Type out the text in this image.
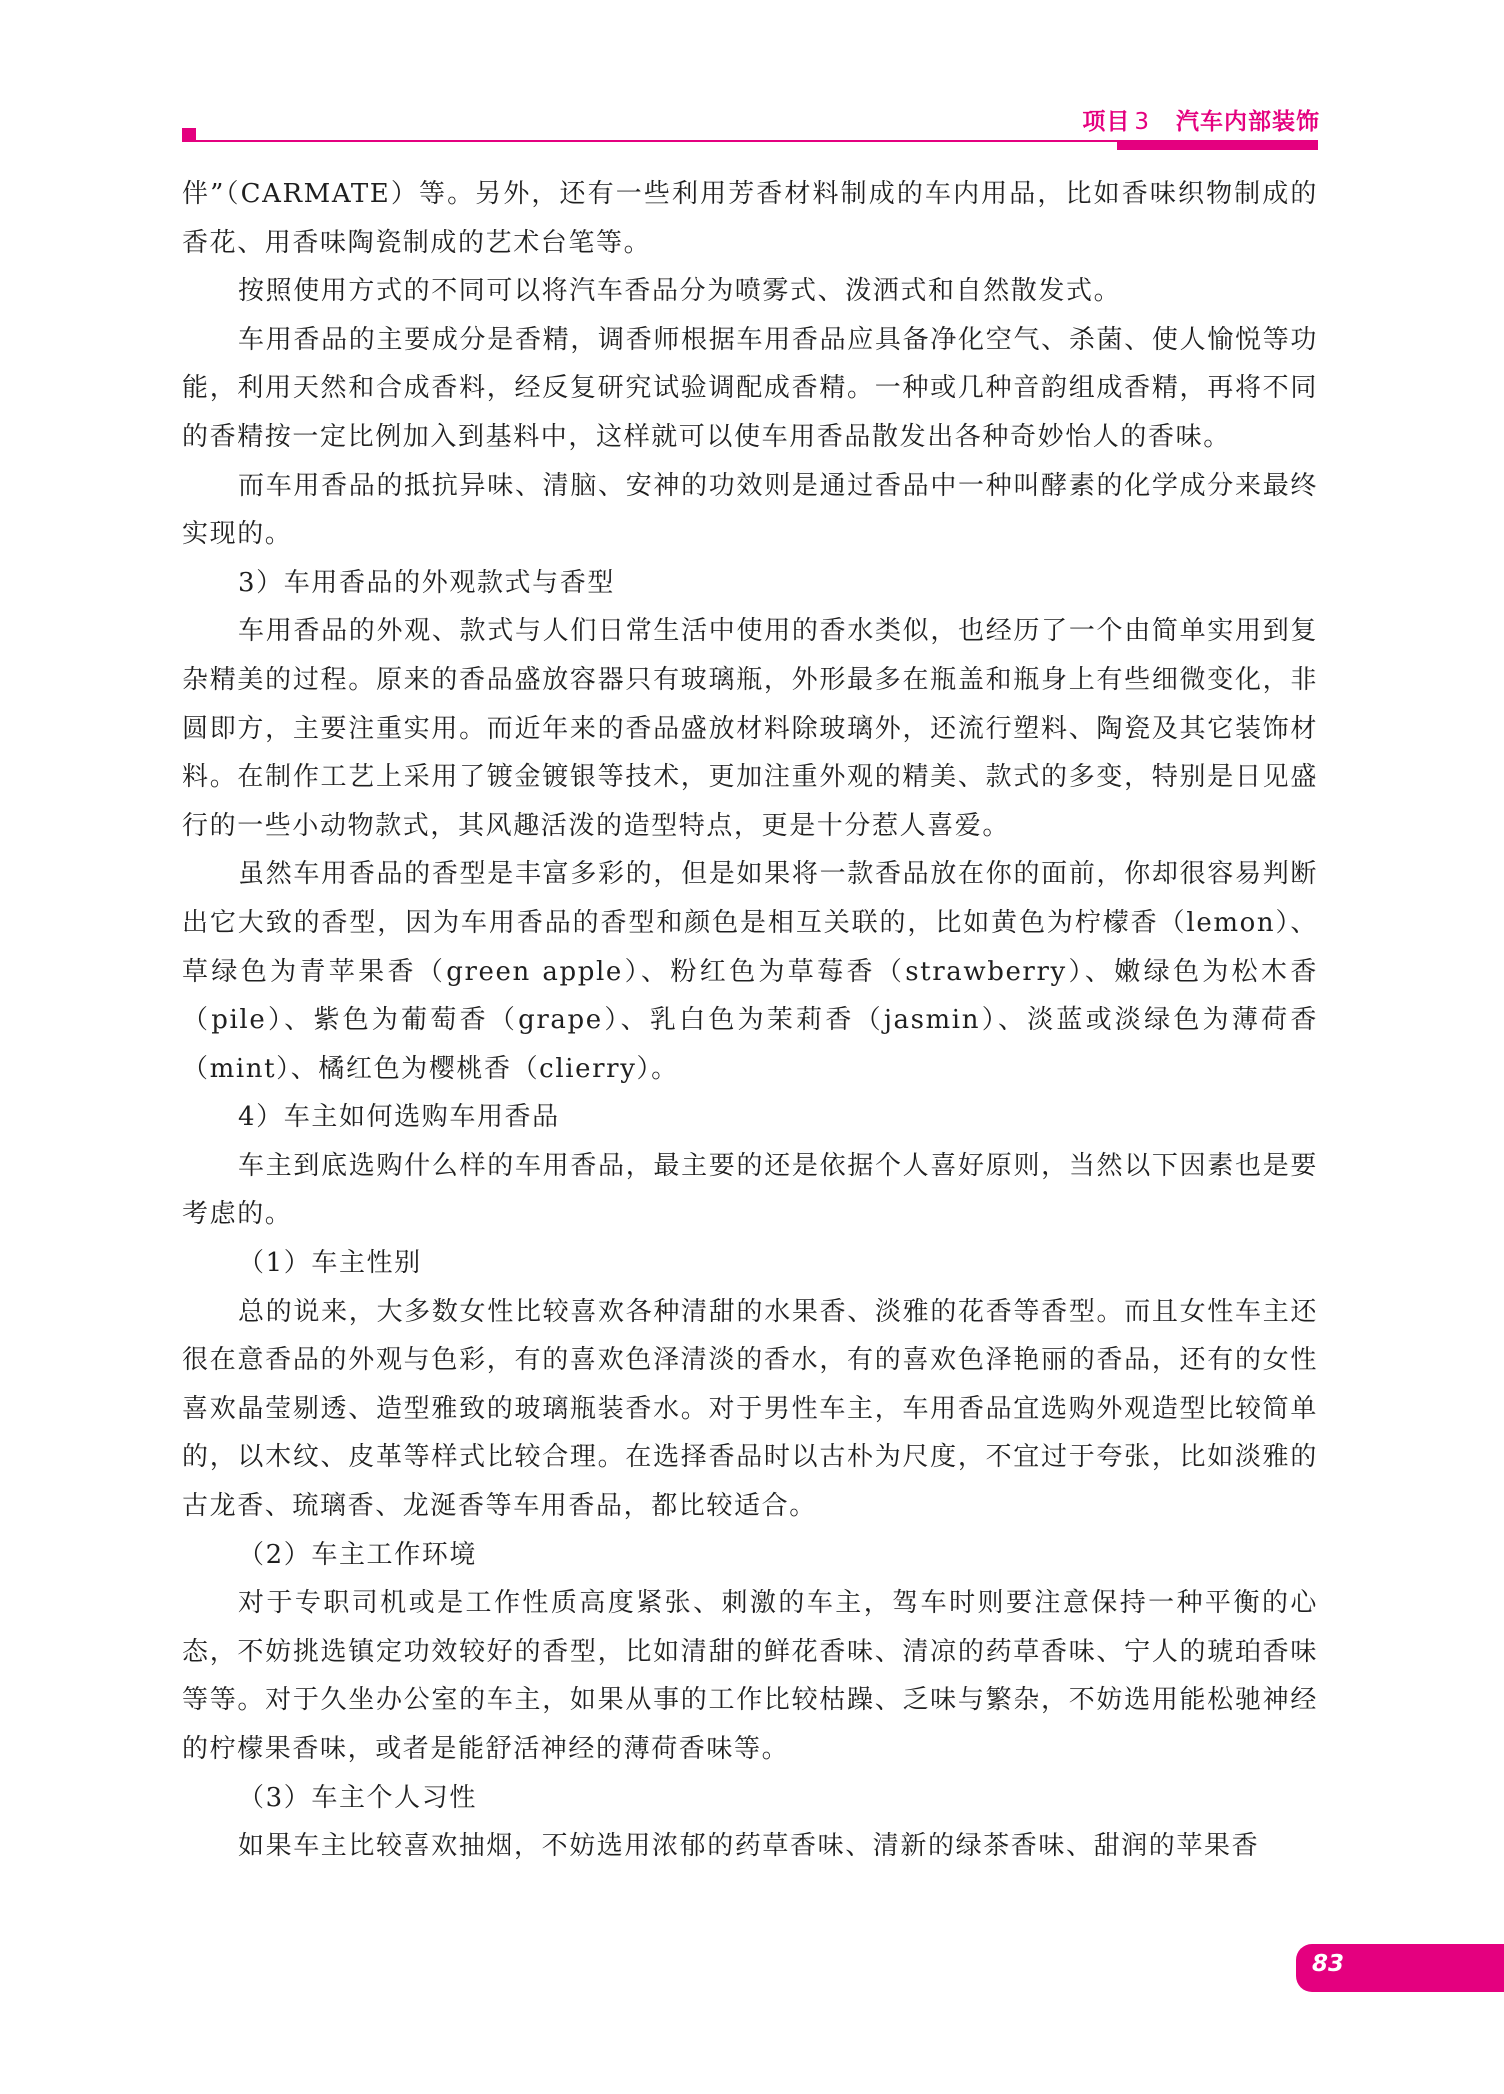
项目 3 汽车内部装饰

伴”（CARMATE）等。另外，还有一些利用芳香材料制成的车内用品，比如香味织物制成的香花、用香味陶瓷制成的艺术台笔等。

按照使用方式的不同可以将汽车香品分为喷雾式、泼洒式和自然散发式。

车用香品的主要成分是香精，调香师根据车用香品应具备净化空气、杀菌、使人愉悦等功能，利用天然和合成香料，经反复研究试验调配成香精。一种或几种音韵组成香精，再将不同的香精按一定比例加入到基料中，这样就可以使车用香品散发出各种奇妙怡人的香味。

而车用香品的抵抗异味、清脑、安神的功效则是通过香品中一种叫酵素的化学成分来最终实现的。

3）车用香品的外观款式与香型

车用香品的外观、款式与人们日常生活中使用的香水类似，也经历了一个由简单实用到复杂精美的过程。原来的香品盛放容器只有玻璃瓶，外形最多在瓶盖和瓶身上有些细微变化，非圆即方，主要注重实用。而近年来的香品盛放材料除玻璃外，还流行塑料、陶瓷及其它装饰材料。在制作工艺上采用了镀金镀银等技术，更加注重外观的精美、款式的多变，特别是日见盛行的一些小动物款式，其风趣活泼的造型特点，更是十分惹人喜爱。

虽然车用香品的香型是丰富多彩的，但是如果将一款香品放在你的面前，你却很容易判断出它大致的香型，因为车用香品的香型和颜色是相互关联的，比如黄色为柠檬香（lemon）、草绿色为青苹果香（green apple）、粉红色为草莓香（strawberry）、嫩绿色为松木香（pile）、紫色为葡萄香（grape）、乳白色为茉莉香（jasmin）、淡蓝或淡绿色为薄荷香（mint）、橘红色为樱桃香（clierry）。

4）车主如何选购车用香品

车主到底选购什么样的车用香品，最主要的还是依据个人喜好原则，当然以下因素也是要考虑的。

（1）车主性别

总的说来，大多数女性比较喜欢各种清甜的水果香、淡雅的花香等香型。而且女性车主还很在意香品的外观与色彩，有的喜欢色泽清淡的香水，有的喜欢色泽艳丽的香品，还有的女性喜欢晶莹剔透、造型雅致的玻璃瓶装香水。对于男性车主，车用香品宜选购外观造型比较简单的，以木纹、皮革等样式比较合理。在选择香品时以古朴为尺度，不宜过于夸张，比如淡雅的古龙香、琉璃香、龙涎香等车用香品，都比较适合。

（2）车主工作环境

对于专职司机或是工作性质高度紧张、刺激的车主，驾车时则要注意保持一种平衡的心态，不妨挑选镇定功效较好的香型，比如清甜的鲜花香味、清凉的药草香味、宁人的琥珀香味等等。对于久坐办公室的车主，如果从事的工作比较枯躁、乏味与繁杂，不妨选用能松驰神经的柠檬果香味，或者是能舒活神经的薄荷香味等。

（3）车主个人习性

如果车主比较喜欢抽烟，不妨选用浓郁的药草香味、清新的绿茶香味、甜润的苹果香

83
